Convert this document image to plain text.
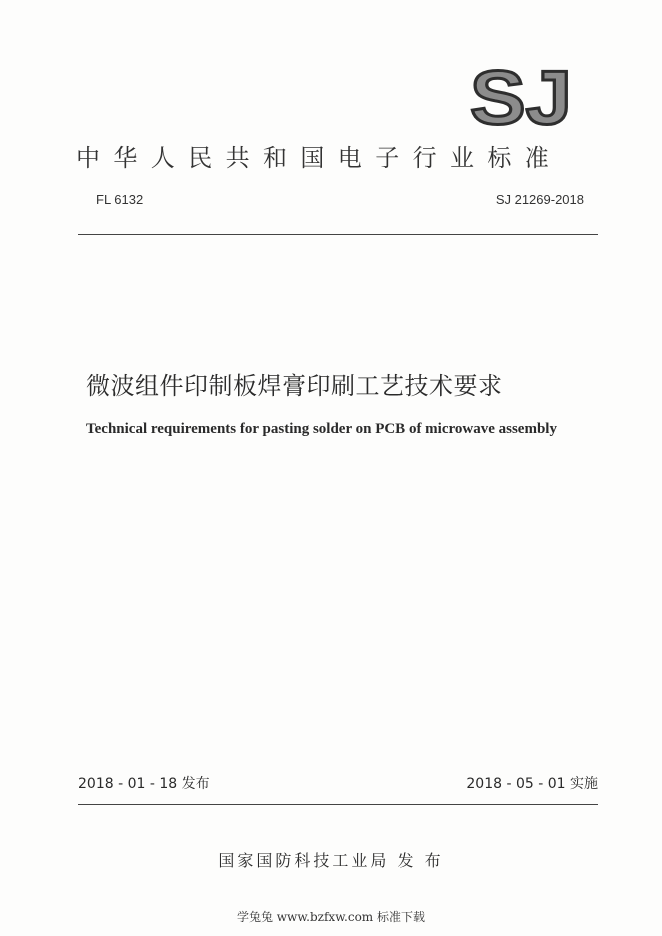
SJ
中华人民共和国电子行业标准
FL 6132	SJ 21269-2018
微波组件印制板焊膏印刷工艺技术要求
Technical requirements for pasting solder on PCB of microwave assembly
2018 - 01 - 18 发布	2018 - 05 - 01 实施
国家国防科技工业局 发 布
学兔兔 www.bzfxw.com 标准下载
